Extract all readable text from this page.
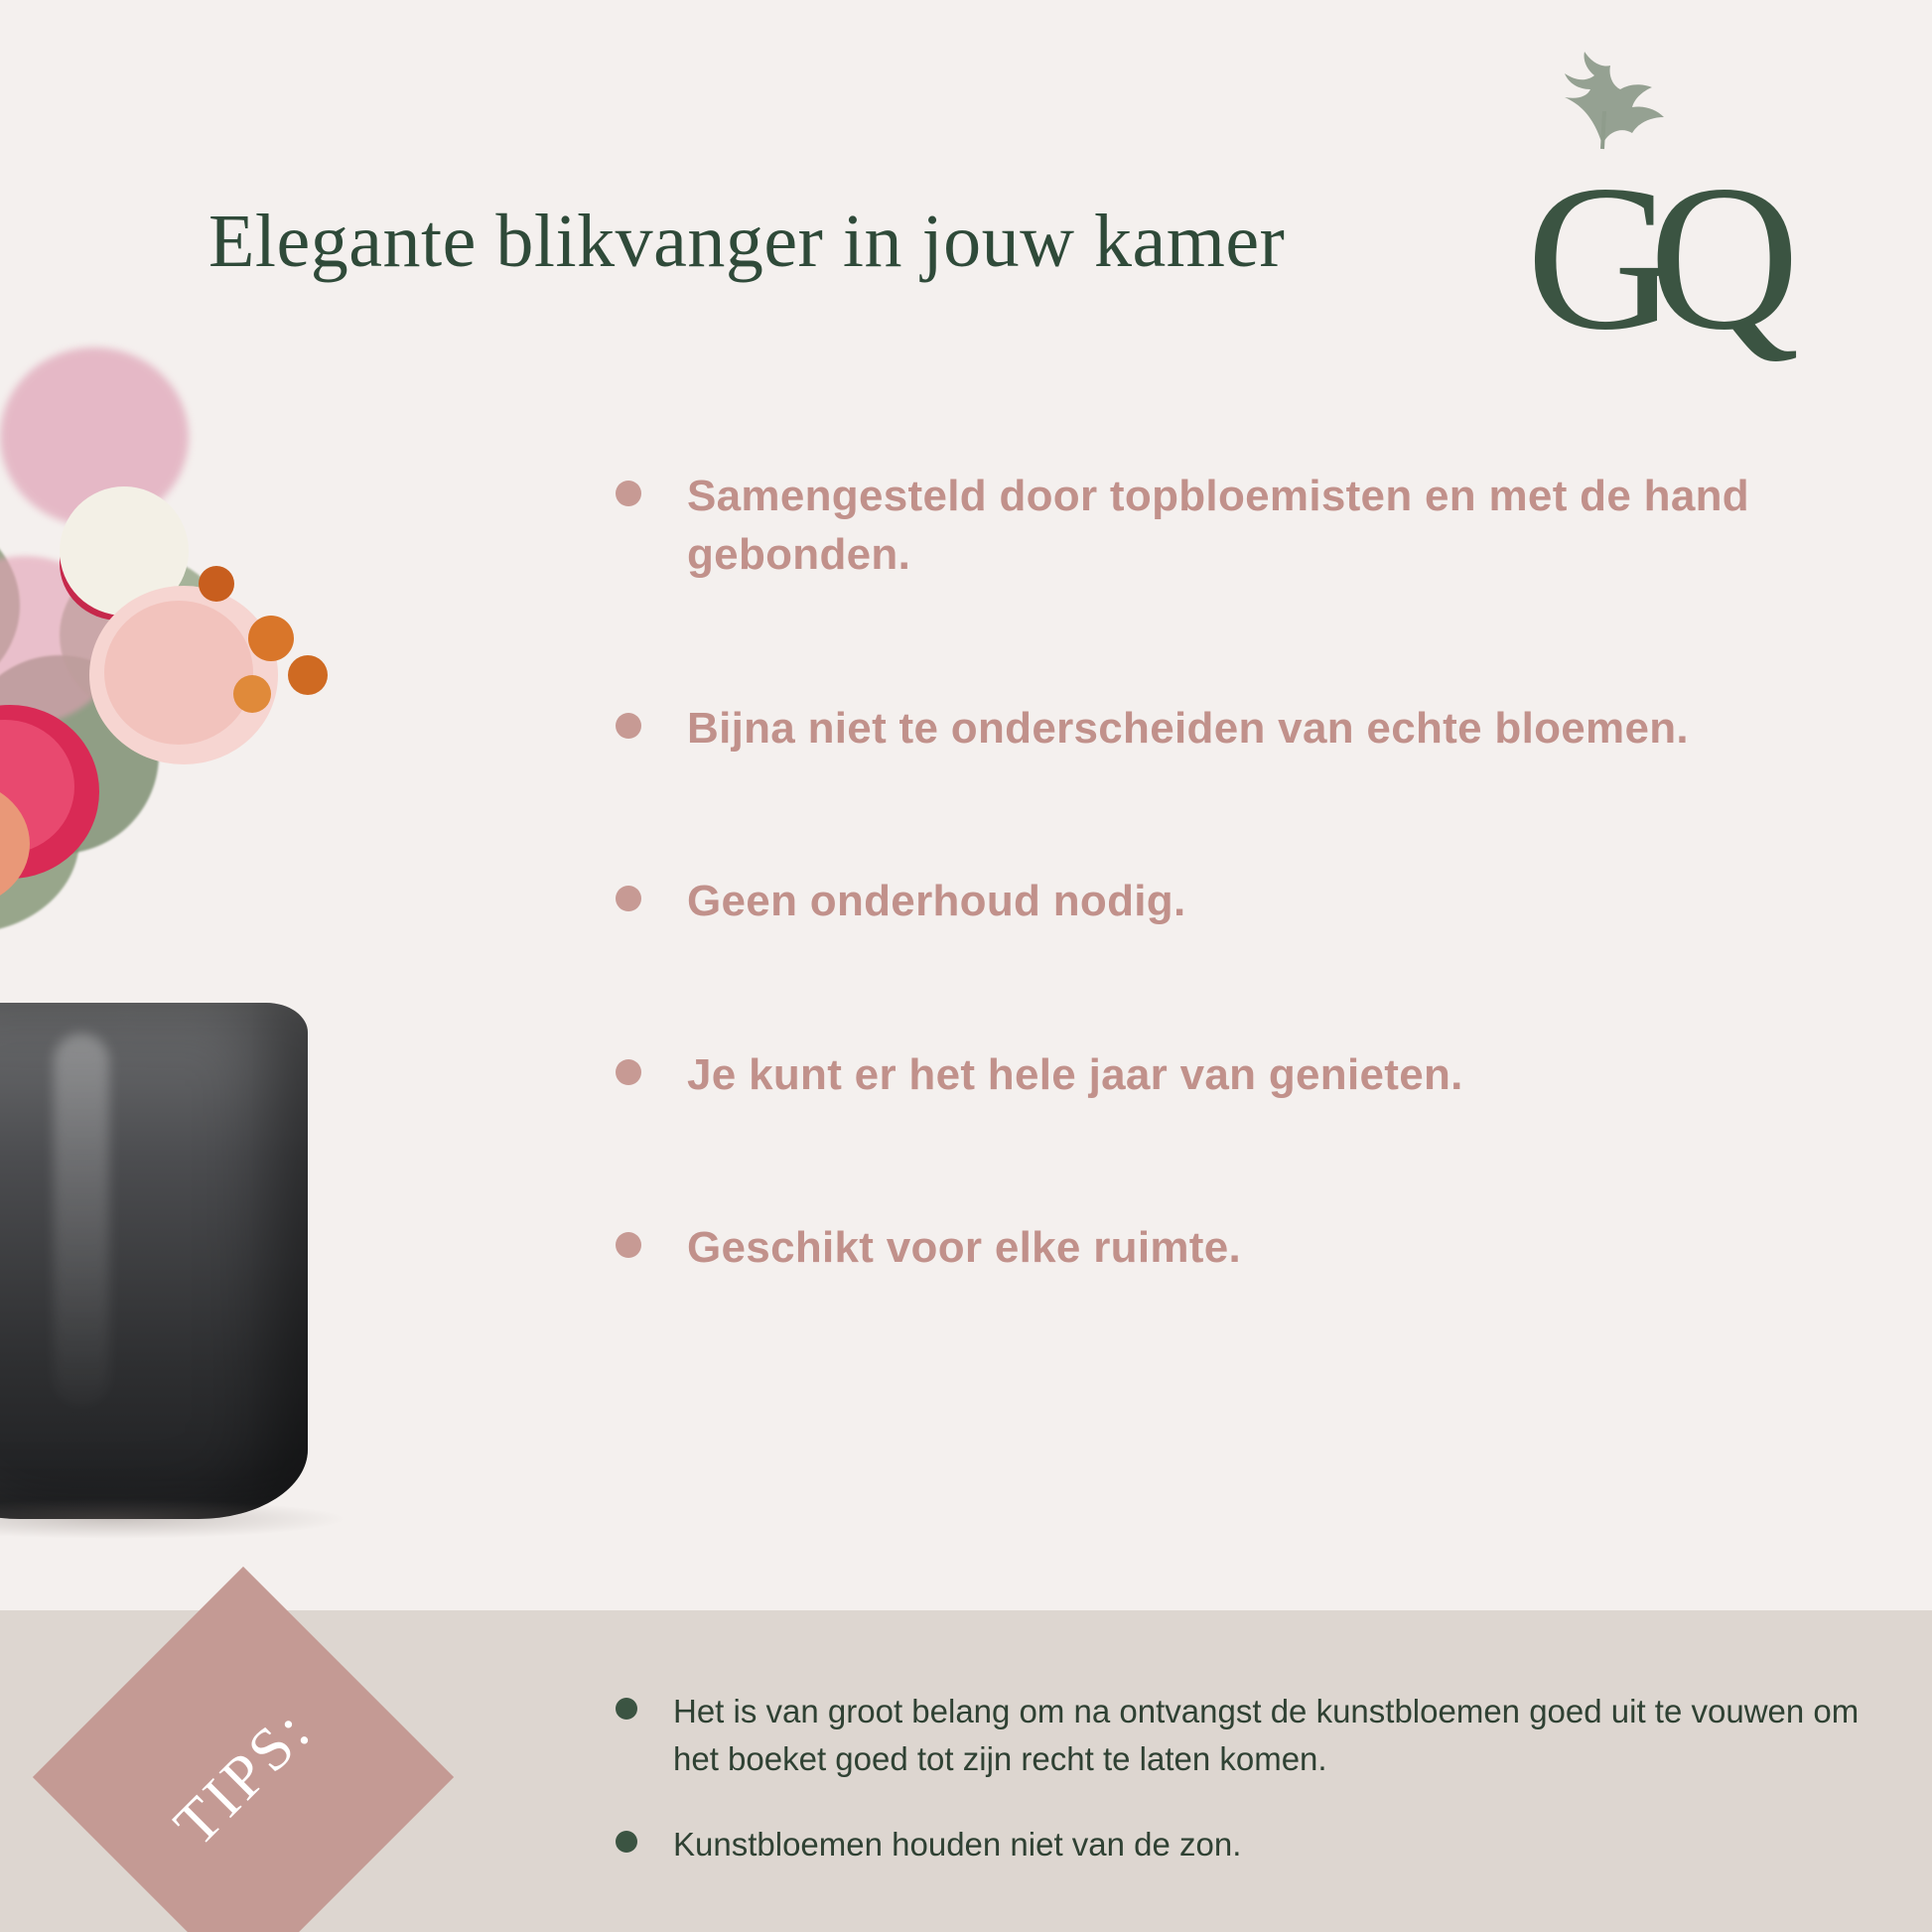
GQ
Elegante blikvanger in jouw kamer
Samengesteld door topbloemisten en met de hand gebonden.
Bijna niet te onderscheiden van echte bloemen.
Geen onderhoud nodig.
Je kunt er het hele jaar van genieten.
Geschikt voor elke ruimte.
TIPS:	Het is van groot belang om na ontvangst de kunstbloemen goed uit te vouwen om het boeket goed tot zijn recht te laten komen.
Kunstbloemen houden niet van de zon.
